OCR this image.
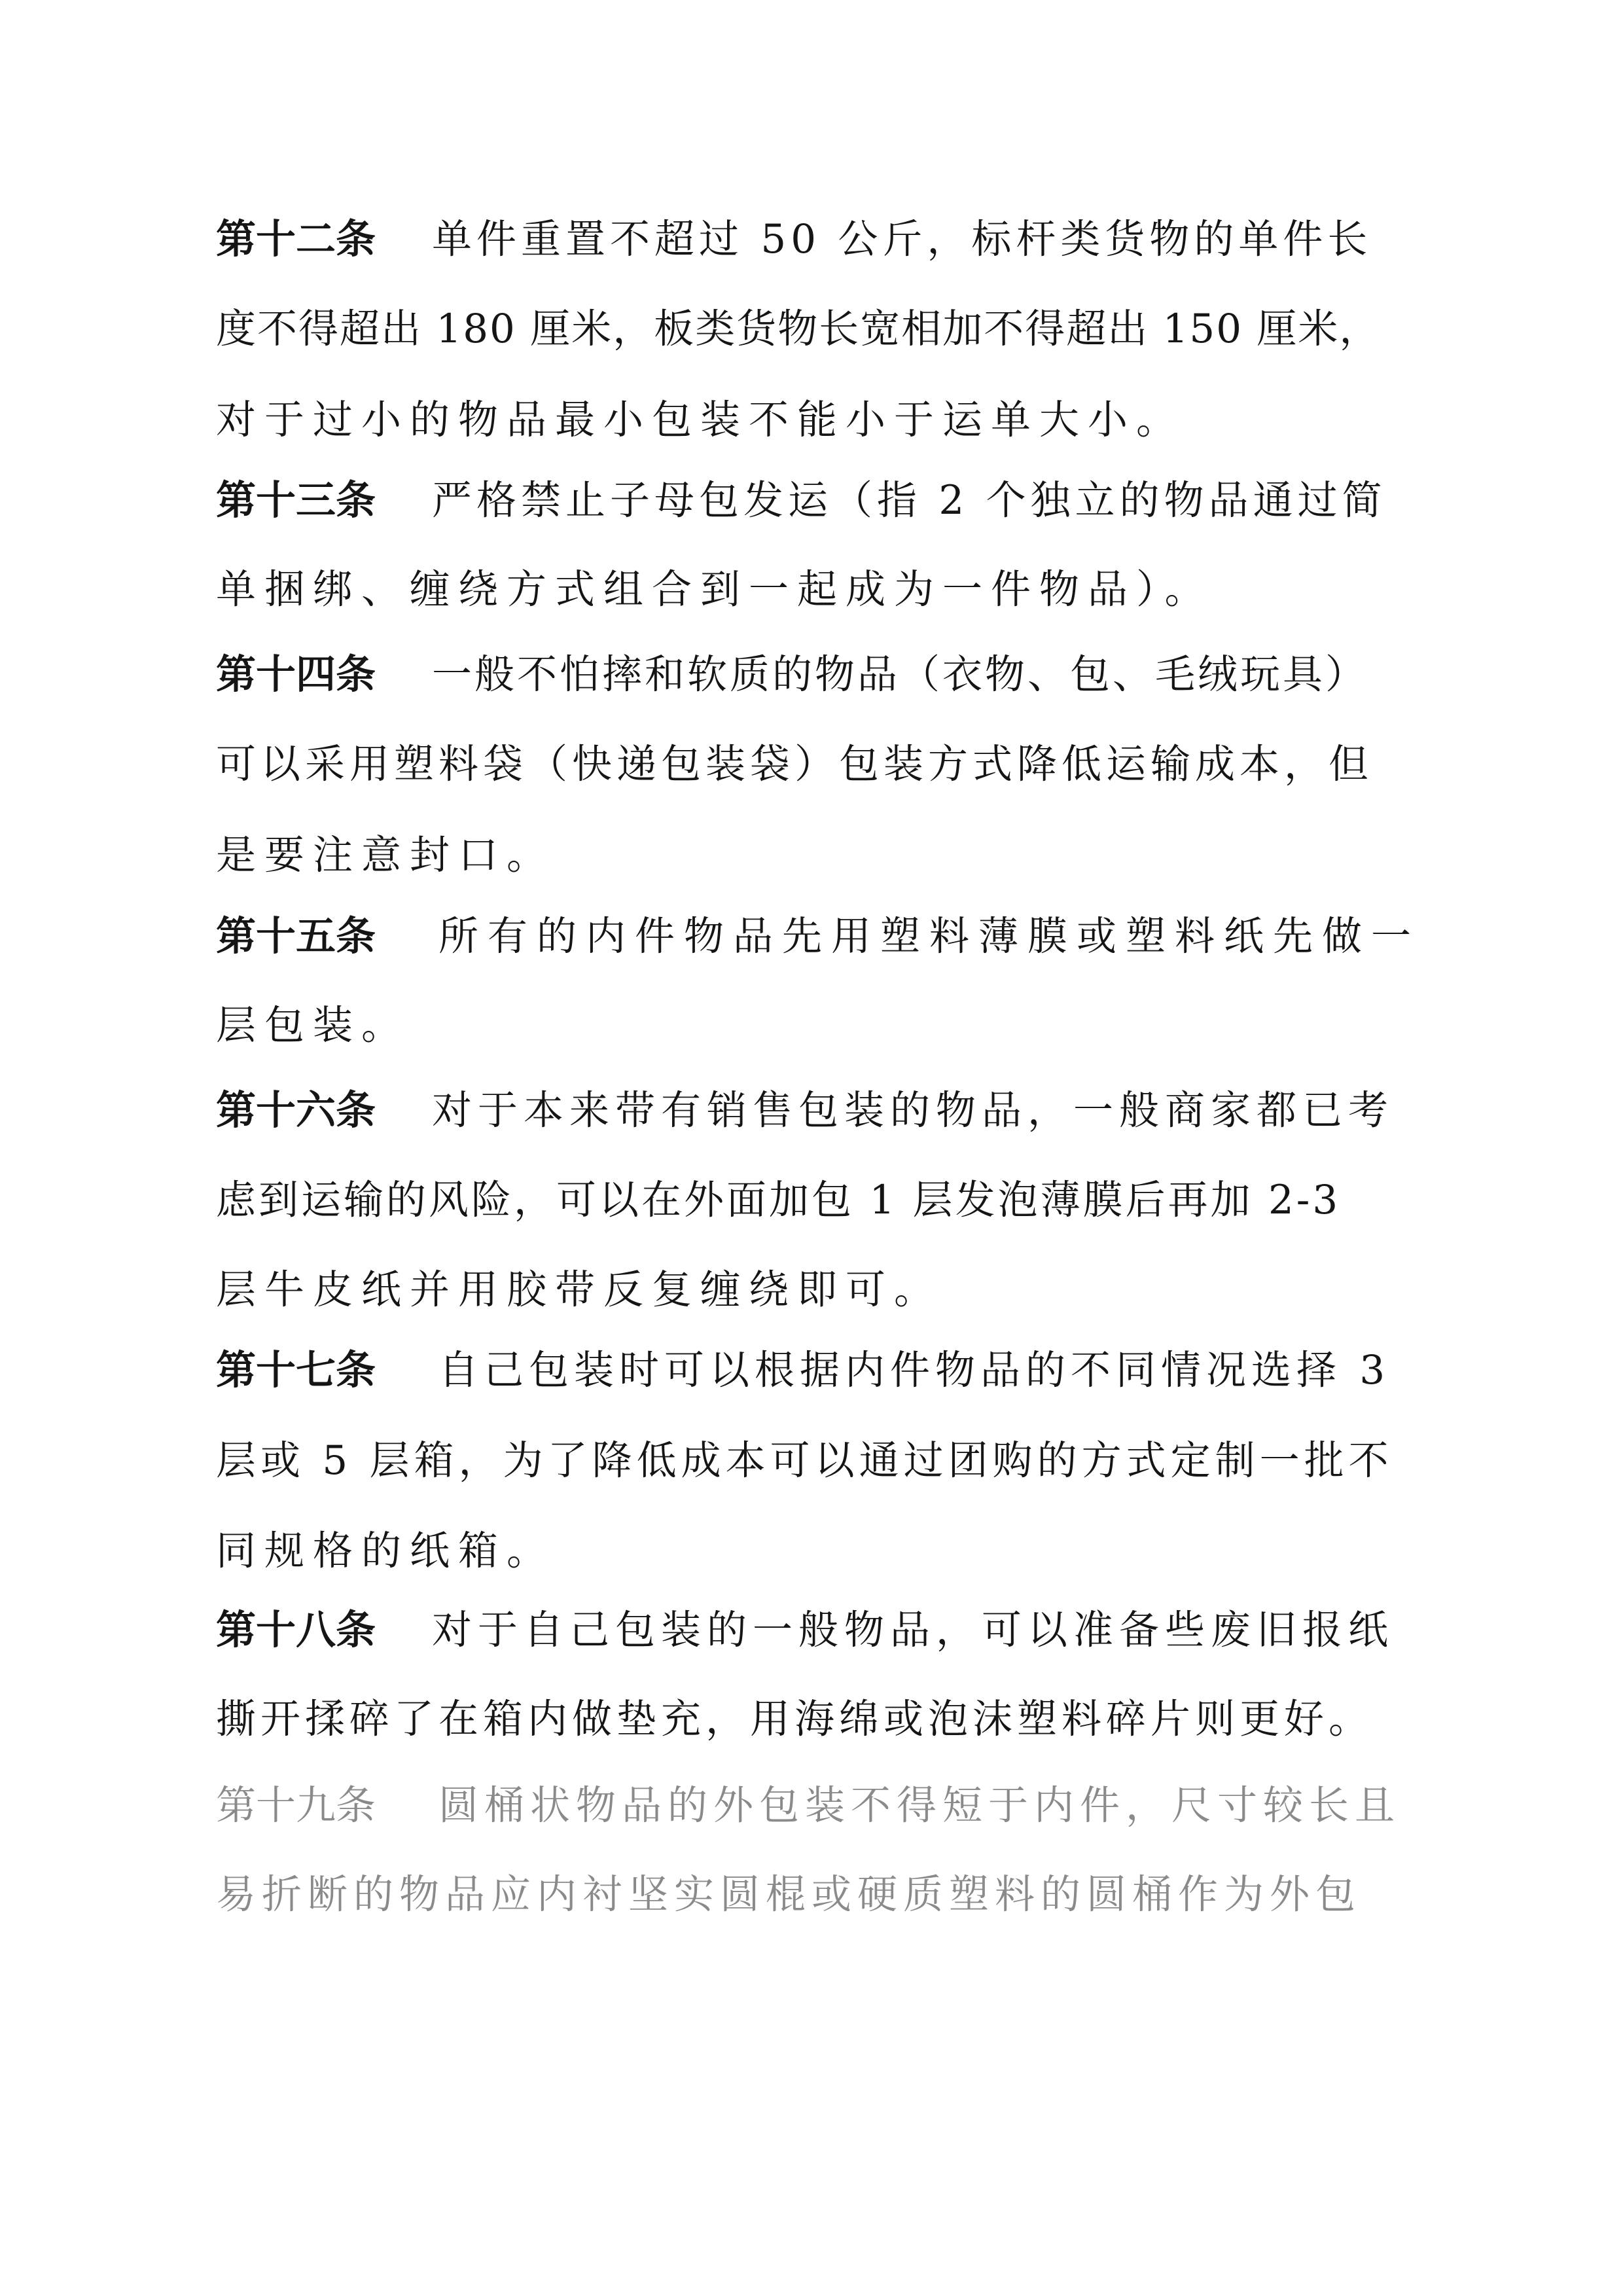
第十二条 单件重置不超过 50 公斤，标杆类货物的单件长
度不得超出 180 厘米，板类货物长宽相加不得超出 150 厘米，
对于过小的物品最小包装不能小于运单大小。
第十三条 严格禁止子母包发运（指 2 个独立的物品通过简
单捆绑、缠绕方式组合到一起成为一件物品）。
第十四条 一般不怕摔和软质的物品（衣物、包、毛绒玩具）
可以采用塑料袋（快递包装袋）包装方式降低运输成本，但
是要注意封口。
第十五条 所有的内件物品先用塑料薄膜或塑料纸先做一
层包装。
第十六条 对于本来带有销售包装的物品，一般商家都已考
虑到运输的风险，可以在外面加包 1 层发泡薄膜后再加 2-3
层牛皮纸并用胶带反复缠绕即可。
第十七条 自己包装时可以根据内件物品的不同情况选择 3
层或 5 层箱，为了降低成本可以通过团购的方式定制一批不
同规格的纸箱。
第十八条 对于自己包装的一般物品，可以准备些废旧报纸
撕开揉碎了在箱内做垫充，用海绵或泡沫塑料碎片则更好。
第十九条 圆桶状物品的外包装不得短于内件，尺寸较长且
易折断的物品应内衬坚实圆棍或硬质塑料的圆桶作为外包
